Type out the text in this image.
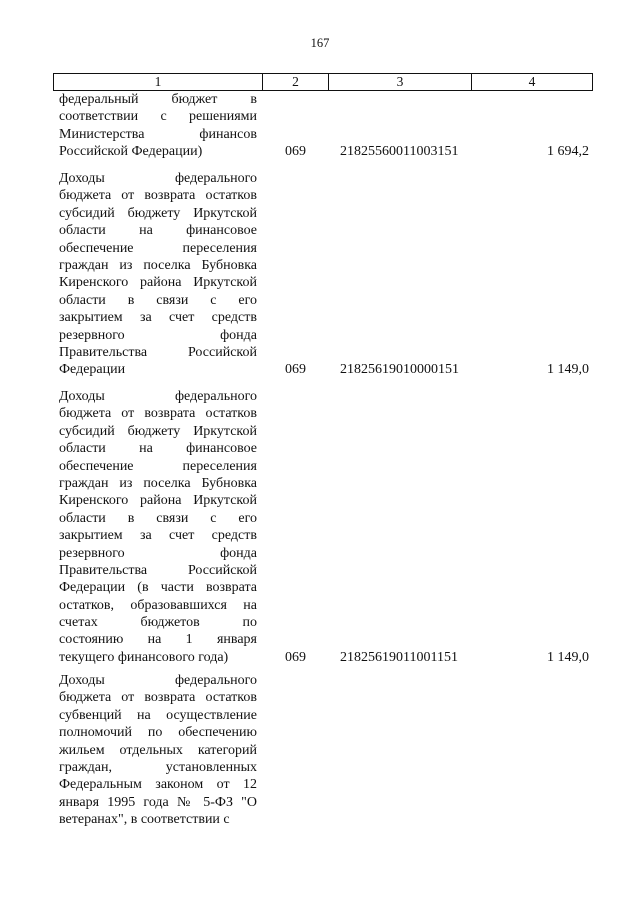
167
1	2	3	4
федеральный бюджет в
соответствии с решениями
Министерства финансов
Российской Федерации)	069 21825560011003151	1 694,2
Доходы федерального
бюджета от возврата остатков
субсидий бюджету Иркутской
области на финансовое
обеспечение переселения
граждан из поселка Бубновка
Киренского района Иркутской
области в связи с его
закрытием за счет средств
резервного фонда
Правительства Российской
Федерации	069 21825619010000151	1 149,0
Доходы федерального
бюджета от возврата остатков
субсидий бюджету Иркутской
области на финансовое
обеспечение переселения
граждан из поселка Бубновка
Киренского района Иркутской
области в связи с его
закрытием за счет средств
резервного фонда
Правительства Российской
Федерации (в части возврата
остатков, образовавшихся на
счетах бюджетов по
состоянию на 1 января
текущего финансового года)	069 21825619011001151	1 149,0
Доходы федерального
бюджета от возврата остатков
субвенций на осуществление
полномочий по обеспечению
жильем отдельных категорий
граждан, установленных
Федеральным законом от 12
января 1995 года № 5-ФЗ "О
ветеранах", в соответствии с
